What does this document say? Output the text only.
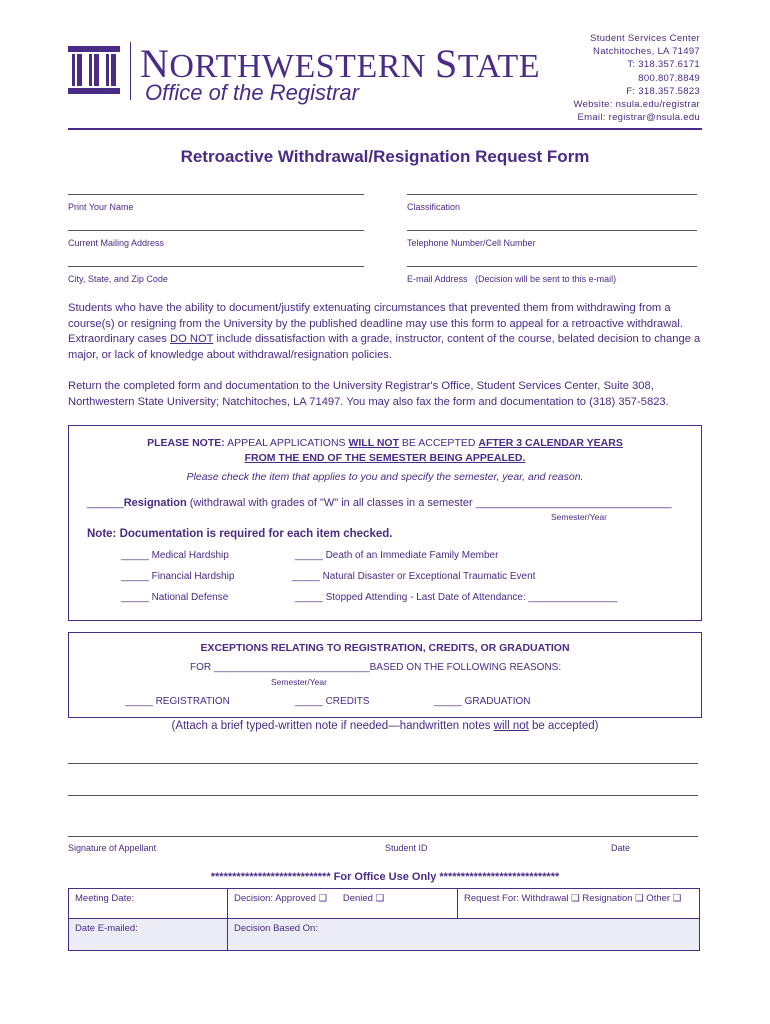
NORTHWESTERN STATE
Office of the Registrar
Student Services Center
Natchitoches, LA 71497
T: 318.357.6171
800.807.8849
F: 318.357.5823
Website: nsula.edu/registrar
Email: registrar@nsula.edu
Retroactive Withdrawal/Resignation Request Form
Print Your Name	Classification
Current Mailing Address	Telephone Number/Cell Number
City, State, and Zip Code	E-mail Address (Decision will be sent to this e-mail)
Students who have the ability to document/justify extenuating circumstances that prevented them from withdrawing from a course(s) or resigning from the University by the published deadline may use this form to appeal for a retroactive withdrawal. Extraordinary cases DO NOT include dissatisfaction with a grade, instructor, content of the course, belated decision to change a major, or lack of knowledge about withdrawal/resignation policies.
Return the completed form and documentation to the University Registrar's Office, Student Services Center, Suite 308, Northwestern State University; Natchitoches, LA 71497. You may also fax the form and documentation to (318) 357-5823.
PLEASE NOTE: APPEAL APPLICATIONS WILL NOT BE ACCEPTED AFTER 3 CALENDAR YEARS
FROM THE END OF THE SEMESTER BEING APPEALED.
Please check the item that applies to you and specify the semester, year, and reason.
______Resignation (withdrawal with grades of "W" in all classes in a semester ________________________________
Semester/Year
Note: Documentation is required for each item checked.
_____ Medical Hardship	_____ Death of an Immediate Family Member
_____ Financial Hardship	_____ Natural Disaster or Exceptional Traumatic Event
_____ National Defense	_____ Stopped Attending - Last Date of Attendance: ________________
EXCEPTIONS RELATING TO REGISTRATION, CREDITS, OR GRADUATION
FOR ____________________________BASED ON THE FOLLOWING REASONS:
Semester/Year
_____ REGISTRATION	_____ CREDITS	_____ GRADUATION
(Attach a brief typed-written note if needed—handwritten notes will not be accepted)
Signature of Appellant	Student ID	Date
**************************** For Office Use Only ****************************
Meeting Date:	Decision: Approved ❏ Denied ❏	Request For: Withdrawal ❏ Resignation ❏ Other ❏
Date E-mailed:	Decision Based On:	
